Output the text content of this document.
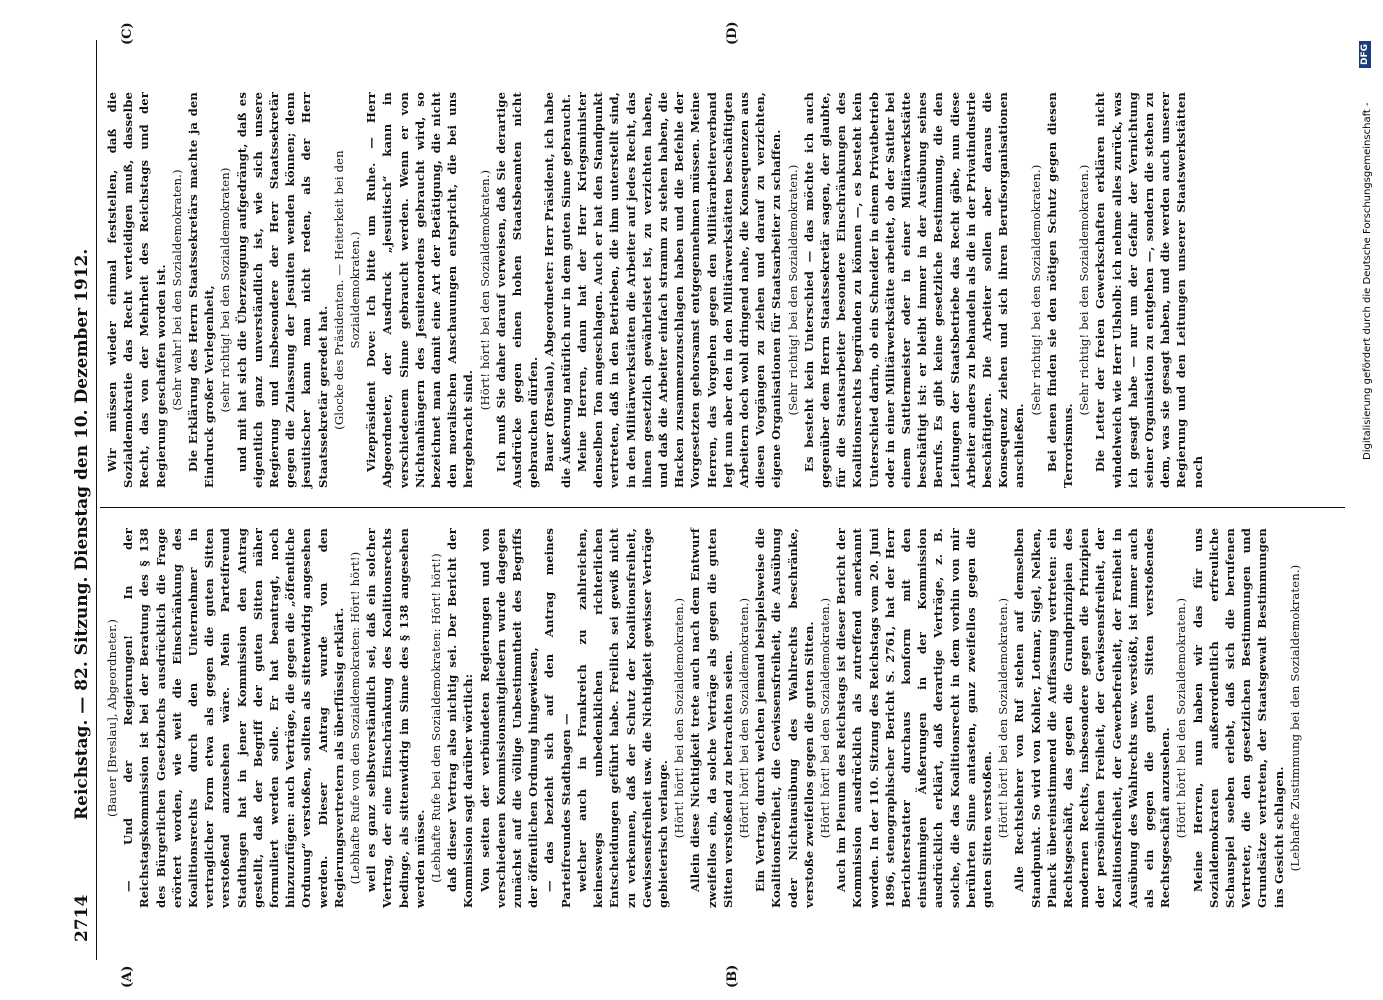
2714
Reichstag. — 82. Sitzung. Dienstag den 10. Dezember 1912.
(A)	(B)
(C)	(D)

(Bauer [Breslau], Abgeordneter.) — Und der Regierungen! In der Reichstagskommission ist bei der Beratung des § 138 des Bürgerlichen Gesetzbuchs ausdrücklich die Frage erörtert worden, wie weit die Einschränkung des Koalitionsrechts durch den Unternehmer in vertraglicher Form etwa als gegen die guten Sitten verstoßend anzusehen wäre. Mein Parteifreund Stadthagen hat in jener Kommission den Antrag gestellt, daß der Begriff der guten Sitten näher formuliert werden solle. Er hat beantragt, noch hinzuzufügen: auch Verträge, die gegen die „öffentliche Ordnung“ verstoßen, sollten als sittenwidrig angesehen werden. Dieser Antrag wurde von den Regierungsvertretern als überflüssig erklärt. (Lebhafte Rufe von den Sozialdemokraten: Hört! hört!) weil es ganz selbstverständlich sei, daß ein solcher Vertrag, der eine Einschränkung des Koalitionsrechts bedinge, als sittenwidrig im Sinne des § 138 angesehen werden müsse. (Lebhafte Rufe bei den Sozialdemokraten: Hört! hört!) daß dieser Vertrag also nichtig sei. Der Bericht der Kommission sagt darüber wörtlich: Von seiten der verbündeten Regierungen und von verschiedenen Kommissionsmitgliedern wurde dagegen zunächst auf die völlige Unbestimmtheit des Begriffs der öffentlichen Ordnung hingewiesen, — das bezieht sich auf den Antrag meines Parteifreundes Stadthagen — welcher auch in Frankreich zu zahlreichen, keineswegs unbedenklichen richterlichen Entscheidungen geführt habe. Freilich sei gewiß nicht zu verkennen, daß der Schutz der Koalitionsfreiheit, Gewissensfreiheit usw. die Nichtigkeit gewisser Verträge gebieterisch verlange. (Hört! hört! bei den Sozialdemokraten.) Allein diese Nichtigkeit trete auch nach dem Entwurf zweifellos ein, da solche Verträge als gegen die guten Sitten verstoßend zu betrachten seien. (Hört! hört! bei den Sozialdemokraten.) Ein Vertrag, durch welchen jemand beispielsweise die Koalitionsfreiheit, die Gewissensfreiheit, die Ausübung oder Nichtausübung des Wahlrechts beschränke, verstoße zweifellos gegen die guten Sitten. (Hört! hört! bei den Sozialdemokraten.) Auch im Plenum des Reichstags ist dieser Bericht der Kommission ausdrücklich als zutreffend anerkannt worden. In der 110. Sitzung des Reichstags vom 20. Juni 1896, stenographischer Bericht S. 2761, hat der Herr Berichterstatter durchaus konform mit den einstimmigen Äußerungen in der Kommission ausdrücklich erklärt, daß derartige Verträge, z. B. solche, die das Koalitionsrecht in dem vorhin von mir berührten Sinne antasten, ganz zweifellos gegen die guten Sitten verstoßen. (Hört! hört! bei den Sozialdemokraten.) Alle Rechtslehrer von Ruf stehen auf demselben Standpunkt. So wird von Kohler, Lotmar, Sigel, Nelken, Planck übereinstimmend die Auffassung vertreten: ein Rechtsgeschäft, das gegen die Grundprinzipien des modernen Rechts, insbesondere gegen die Prinzipien der persönlichen Freiheit, der Gewissensfreiheit, der Koalitionsfreiheit, der Gewerbefreiheit, der Freiheit in Ausübung des Wahlrechts usw. verstößt, ist immer auch als ein gegen die guten Sitten verstoßendes Rechtsgeschäft anzusehen. (Hört! hört! bei den Sozialdemokraten.) Meine Herren, nun haben wir das für uns Sozialdemokraten außerordentlich erfreuliche Schauspiel soeben erlebt, daß sich die berufenen Vertreter, die den gesetzlichen Bestimmungen und Grundsätze vertreten, der Staatsgewalt Bestimmungen ins Gesicht schlagen. (Lebhafte Zustimmung bei den Sozialdemokraten.)

Wir müssen wieder einmal feststellen, daß die Sozialdemokratie das Recht verteidigen muß, dasselbe Recht, das von der Mehrheit des Reichstags und der Regierung geschaffen worden ist. (Sehr wahr! bei den Sozialdemokraten.) Die Erklärung des Herrn Staatssekretärs machte ja den Eindruck großer Verlegenheit, (sehr richtig! bei den Sozialdemokraten) und mit hat sich die Überzeugung aufgedrängt, daß es eigentlich ganz unverständlich ist, wie sich unsere Regierung und insbesondere der Herr Staatssekretär gegen die Zulassung der Jesuiten wenden können; denn jesuitischer kann man nicht reden, als der Herr Staatssekretär geredet hat. (Glocke des Präsidenten. — Heiterkeit bei den Sozialdemokraten.) Vizepräsident Dove: Ich bitte um Ruhe. — Herr Abgeordneter, der Ausdruck „jesuitisch“ kann in verschiedenem Sinne gebraucht werden. Wenn er von Nichtanhängern des Jesuitenordens gebraucht wird, so bezeichnet man damit eine Art der Betätigung, die nicht den moralischen Anschauungen entspricht, die bei uns hergebracht sind.

(Hört! hört! bei den Sozialdemokraten.) Ich muß Sie daher darauf verweisen, daß Sie derartige Ausdrücke gegen einen hohen Staatsbeamten nicht gebrauchen dürfen. Bauer (Breslau), Abgeordneter: Herr Präsident, ich habe die Äußerung natürlich nur in dem guten Sinne gebraucht. Meine Herren, dann hat der Herr Kriegsminister denselben Ton angeschlagen. Auch er hat den Standpunkt vertreten, daß in den Betrieben, die ihm unterstellt sind, in den Militärwerkstätten die Arbeiter auf jedes Recht, das ihnen gesetzlich gewährleistet ist, zu verzichten haben, und daß die Arbeiter einfach stramm zu stehen haben, die Hacken zusammenzuschlagen haben und die Befehle der Vorgesetzten gehorsamst entgegennehmen müssen. Meine Herren, das Vorgehen gegen den Militärarbeiterverband legt nun aber den in den Militärwerkstätten beschäftigten Arbeitern doch wohl dringend nahe, die Konsequenzen aus diesen Vorgängen zu ziehen und darauf zu verzichten, eigene Organisationen für Staatsarbeiter zu schaffen. (Sehr richtig! bei den Sozialdemokraten.) Es besteht kein Unterschied — das möchte ich auch gegenüber dem Herrn Staatssekretär sagen, der glaubte, für die Staatsarbeiter besondere Einschränkungen des Koalitionsrechts begründen zu können —, es besteht kein Unterschied darin, ob ein Schneider in einem Privatbetrieb oder in einer Militärwerkstätte arbeitet, ob der Sattler bei einem Sattlermeister oder in einer Militärwerkstätte beschäftigt ist: er bleibt immer in der Ausübung seines Berufs. Es gibt keine gesetzliche Bestimmung, die den Leitungen der Staatsbetriebe das Recht gäbe, nun diese Arbeiter anders zu behandeln als die in der Privatindustrie beschäftigten. Die Arbeiter sollen aber daraus die Konsequenz ziehen und sich ihren Berufsorganisationen anschließen.

(Sehr richtig! bei den Sozialdemokraten.) Bei denen finden sie den nötigen Schutz gegen diesen Terrorismus.

(Sehr richtig! bei den Sozialdemokraten.) Die Letter der freien Gewerkschaften erklären nicht windelweich wie Herr Ulsholb: ich nehme alles zurück, was ich gesagt habe — nur um der Gefahr der Vernichtung seiner Organisation zu entgehen —, sondern die stehen zu dem, was sie gesagt haben, und die werden auch unserer Regierung und den Leitungen unserer Staatswerkstätten noch

Digitalisierung gefördert durch die Deutsche Forschungsgemeinschaft -
DFG
